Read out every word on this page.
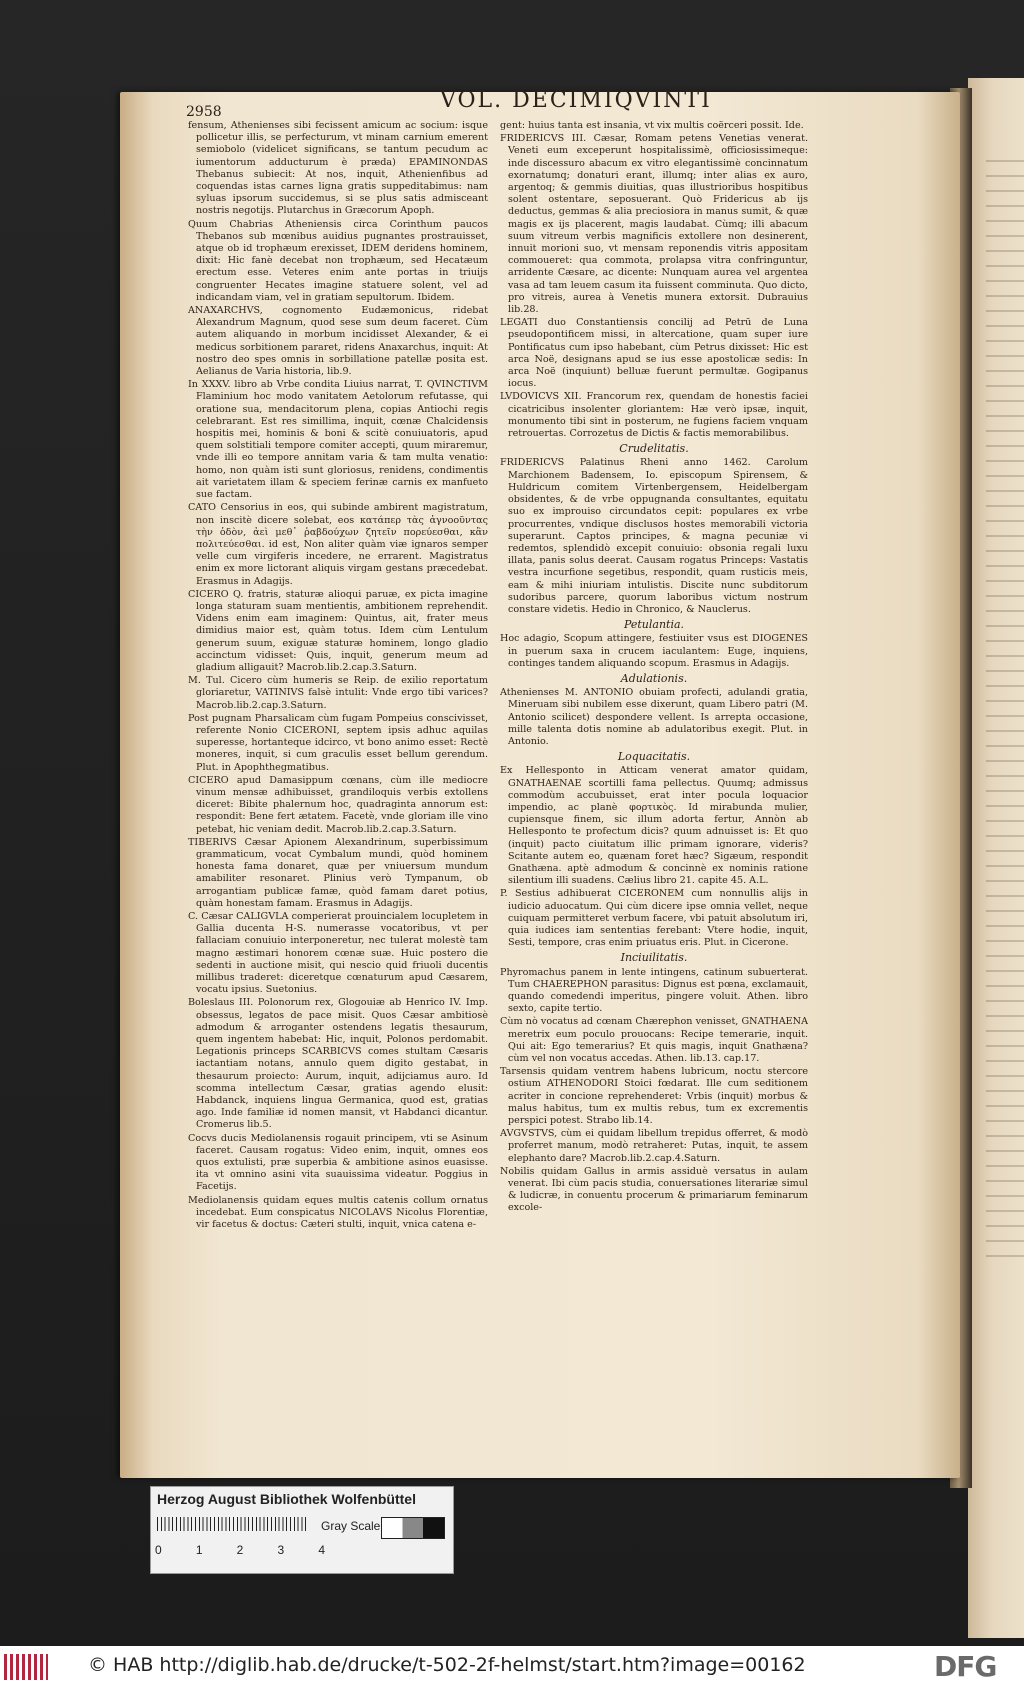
2958	VOL. DECIMIQVINTI

fensum, Athenienses sibi fecissent amicum ac socium: isque pollicetur illis, se perfecturum, vt minam carnium emerent semiobolo (videlicet significans, se tantum pecudum ac iumentorum adducturum è præda) EPAMINONDAS Thebanus subiecit: At nos, inquit, Athenienfibus ad coquendas istas carnes ligna gratis suppeditabimus: nam syluas ipsorum succidemus, si se plus satis admisceant nostris negotijs. Plutarchus in Græcorum Apoph.

Quum Chabrias Atheniensis circa Corinthum paucos Thebanos sub mœnibus auidius pugnantes prostrauisset, atque ob id trophæum erexisset, IDEM deridens hominem, dixit: Hic fanè decebat non trophæum, sed Hecatæum erectum esse. Veteres enim ante portas in triuijs congruenter Hecates imagine statuere solent, vel ad indicandam viam, vel in gratiam sepultorum. Ibidem.

ANAXARCHVS, cognomento Eudæmonicus, ridebat Alexandrum Magnum, quod sese sum deum faceret. Cùm autem aliquando in morbum incidisset Alexander, & ei medicus sorbitionem pararet, ridens Anaxarchus, inquit: At nostro deo spes omnis in sorbillatione patellæ posita est. Aelianus de Varia historia, lib.9.

In XXXV. libro ab Vrbe condita Liuius narrat, T. QVINCTIVM Flaminium hoc modo vanitatem Aetolorum refutasse, qui oratione sua, mendacitorum plena, copias Antiochi regis celebrarant. Est res simillima, inquit, cœnæ Chalcidensis hospitis mei, hominis & boni & scitè conuiuatoris, apud quem solstitiali tempore comiter accepti, quum miraremur, vnde illi eo tempore annitam varia & tam multa venatio: homo, non quàm isti sunt gloriosus, renidens, condimentis ait varietatem illam & speciem ferinæ carnis ex manfueto sue factam.

CATO Censorius in eos, qui subinde ambirent magistratum, non inscitè dicere solebat, eos κατάπερ τὰς ἀγνοοῦντας τὴν ὁδὸν, ἀεὶ μεθ᾽ ῥαβδούχων ζητεῖν πορεύεσθαι, κἂν πολιτεύεσθαι. id est, Non aliter quàm viæ ignaros semper velle cum virgiferis incedere, ne errarent. Magistratus enim ex more lictorant aliquis virgam gestans præcedebat. Erasmus in Adagijs.

CICERO Q. fratris, staturæ alioqui paruæ, ex picta imagine longa staturam suam mentientis, ambitionem reprehendit. Videns enim eam imaginem: Quintus, ait, frater meus dimidius maior est, quàm totus. Idem cùm Lentulum generum suum, exiguæ staturæ hominem, longo gladio accinctum vidisset: Quis, inquit, generum meum ad gladium alligauit? Macrob.lib.2.cap.3.Saturn.

M. Tul. Cicero cùm humeris se Reip. de exilio reportatum gloriaretur, VATINIVS falsè intulit: Vnde ergo tibi varices? Macrob.lib.2.cap.3.Saturn.

Post pugnam Pharsalicam cùm fugam Pompeius conscivisset, referente Nonio CICERONI, septem ipsis adhuc aquilas superesse, hortanteque idcirco, vt bono animo esset: Rectè moneres, inquit, si cum graculis esset bellum gerendum. Plut. in Apophthegmatibus.

CICERO apud Damasippum cœnans, cùm ille mediocre vinum mensæ adhibuisset, grandiloquis verbis extollens diceret: Bibite phalernum hoc, quadraginta annorum est: respondit: Bene fert ætatem. Facetè, vnde gloriam ille vino petebat, hic veniam dedit. Macrob.lib.2.cap.3.Saturn.

TIBERIVS Cæsar Apionem Alexandrinum, superbissimum grammaticum, vocat Cymbalum mundi, quòd hominem honesta fama donaret, quæ per vniuersum mundum amabiliter resonaret. Plinius verò Tympanum, ob arrogantiam publicæ famæ, quòd famam daret potius, quàm honestam famam. Erasmus in Adagijs.

C. Cæsar CALIGVLA comperierat prouincialem locupletem in Gallia ducenta H-S. numerasse vocatoribus, vt per fallaciam conuiuio interponeretur, nec tulerat molestè tam magno æstimari honorem cœnæ suæ. Huic postero die sedenti in auctione misit, qui nescio quid friuoli ducentis millibus traderet: diceretque cœnaturum apud Cæsarem, vocatu ipsius. Suetonius.

Boleslaus III. Polonorum rex, Glogouiæ ab Henrico IV. Imp. obsessus, legatos de pace misit. Quos Cæsar ambitiosè admodum & arroganter ostendens legatis thesaurum, quem ingentem habebat: Hic, inquit, Polonos perdomabit. Legationis princeps SCARBICVS comes stultam Cæsaris iactantiam notans, annulo quem digito gestabat, in thesaurum proiecto: Aurum, inquit, adijciamus auro. Id scomma intellectum Cæsar, gratias agendo elusit: Habdanck, inquiens lingua Germanica, quod est, gratias ago. Inde familiæ id nomen mansit, vt Habdanci dicantur. Cromerus lib.5.

Cocvs ducis Mediolanensis rogauit principem, vti se Asinum faceret. Causam rogatus: Video enim, inquit, omnes eos quos extulisti, præ superbia & ambitione asinos euasisse. ita vt omnino asini vita suauissima videatur. Poggius in Facetijs.

Mediolanensis quidam eques multis catenis collum ornatus incedebat. Eum conspicatus NICOLAVS Nicolus Florentiæ, vir facetus & doctus: Cæteri stulti, inquit, vnica catena e-

gent: huius tanta est insania, vt vix multis coërceri possit. Ide.

FRIDERICVS III. Cæsar, Romam petens Venetias venerat. Veneti eum exceperunt hospitalissimè, officiosissimeque: inde discessuro abacum ex vitro elegantissimè concinnatum exornatumq; donaturi erant, illumq; inter alias ex auro, argentoq; & gemmis diuitias, quas illustrioribus hospitibus solent ostentare, seposuerant. Quò Fridericus ab ijs deductus, gemmas & alia preciosiora in manus sumit, & quæ magis ex ijs placerent, magis laudabat. Cùmq; illi abacum suum vitreum verbis magnificis extollere non desinerent, innuit morioni suo, vt mensam reponendis vitris appositam commoueret: qua commota, prolapsa vitra confringuntur, arridente Cæsare, ac dicente: Nunquam aurea vel argentea vasa ad tam leuem casum ita fuissent comminuta. Quo dicto, pro vitreis, aurea à Venetis munera extorsit. Dubrauius lib.28.

LEGATI duo Constantiensis concilij ad Petrū de Luna pseudopontificem missi, in altercatione, quam super iure Pontificatus cum ipso habebant, cùm Petrus dixisset: Hic est arca Noë, designans apud se ius esse apostolicæ sedis: In arca Noë (inquiunt) belluæ fuerunt permultæ. Gogipanus iocus.

LVDOVICVS XII. Francorum rex, quendam de honestis faciei cicatricibus insolenter gloriantem: Hæ verò ipsæ, inquit, monumento tibi sint in posterum, ne fugiens faciem vnquam retrouertas. Corrozetus de Dictis & factis memorabilibus.

Crudelitatis.

FRIDERICVS Palatinus Rheni anno 1462. Carolum Marchionem Badensem, Io. episcopum Spirensem, & Huldricum comitem Virtenbergensem, Heidelbergam obsidentes, & de vrbe oppugnanda consultantes, equitatu suo ex improuiso circundatos cepit: populares ex vrbe procurrentes, vndique disclusos hostes memorabili victoria superarunt. Captos principes, & magna pecuniæ vi redemtos, splendidò excepit conuiuio: obsonia regali luxu illata, panis solus deerat. Causam rogatus Princeps: Vastatis vestra incurfione segetibus, respondit, quam rusticis meis, eam & mihi iniuriam intulistis. Discite nunc subditorum sudoribus parcere, quorum laboribus victum nostrum constare videtis. Hedio in Chronico, & Nauclerus.

Petulantia.

Hoc adagio, Scopum attingere, festiuiter vsus est DIOGENES in puerum saxa in crucem iaculantem: Euge, inquiens, continges tandem aliquando scopum. Erasmus in Adagijs.

Adulationis.

Athenienses M. ANTONIO obuiam profecti, adulandi gratia, Mineruam sibi nubilem esse dixerunt, quam Libero patri (M. Antonio scilicet) despondere vellent. Is arrepta occasione, mille talenta dotis nomine ab adulatoribus exegit. Plut. in Antonio.

Loquacitatis.

Ex Hellesponto in Atticam venerat amator quidam, GNATHAENAE scortilli fama pellectus. Quumq; admissus commodùm accubuisset, erat inter pocula loquacior impendio, ac planè φορτικὸς. Id mirabunda mulier, cupiensque finem, sic illum adorta fertur, Annòn ab Hellesponto te profectum dicis? quum adnuisset is: Et quo (inquit) pacto ciuitatum illic primam ignorare, videris? Scitante autem eo, quænam foret hæc? Sigæum, respondit Gnathæna. aptè admodum & concinnè ex nominis ratione silentium illi suadens. Cælius libro 21. capite 45. A.L.

P. Sestius adhibuerat CICERONEM cum nonnullis alijs in iudicio aduocatum. Qui cùm dicere ipse omnia vellet, neque cuiquam permitteret verbum facere, vbi patuit absolutum iri, quia iudices iam sententias ferebant: Vtere hodie, inquit, Sesti, tempore, cras enim priuatus eris. Plut. in Cicerone.

Inciuilitatis.

Phyromachus panem in lente intingens, catinum subuerterat. Tum CHAEREPHON parasitus: Dignus est pœna, exclamauit, quando comedendi imperitus, pingere voluit. Athen. libro sexto, capite tertio.

Cùm nò vocatus ad cœnam Chærephon venisset, GNATHAENA meretrix eum poculo prouocans: Recipe temerarie, inquit. Qui ait: Ego temerarius? Et quis magis, inquit Gnathæna? cùm vel non vocatus accedas. Athen. lib.13. cap.17.

Tarsensis quidam ventrem habens lubricum, noctu stercore ostium ATHENODORI Stoici fœdarat. Ille cum seditionem acriter in concione reprehenderet: Vrbis (inquit) morbus & malus habitus, tum ex multis rebus, tum ex excrementis perspici potest. Strabo lib.14.

AVGVSTVS, cùm ei quidam libellum trepidus offerret, & modò proferret manum, modò retraheret: Putas, inquit, te assem elephanto dare? Macrob.lib.2.cap.4.Saturn.

Nobilis quidam Gallus in armis assiduè versatus in aulam venerat. Ibi cùm pacis studia, conuersationes literariæ simul & ludicræ, in conuentu procerum & primariarum feminarum excole-

Herzog August Bibliothek Wolfenbüttel
Gray Scale
0	1	2	3	4
© HAB http://diglib.hab.de/drucke/t-502-2f-helmst/start.htm?image=00162	DFG
